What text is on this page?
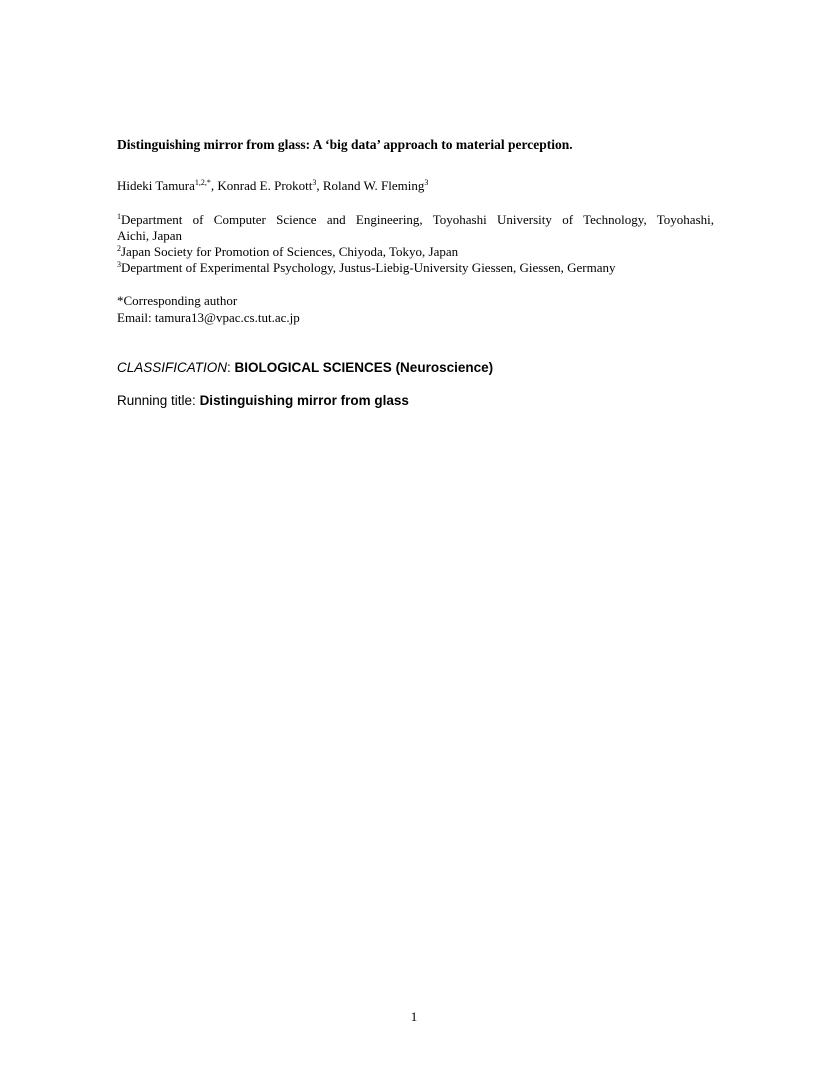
Distinguishing mirror from glass: A ‘big data’ approach to material perception.
Hideki Tamura$^{1,2,*}$, Konrad E. Prokott$^3$, Roland W. Fleming$^3$
$^1$Department of Computer Science and Engineering, Toyohashi University of Technology, Toyohashi,
Aichi, Japan
$^2$Japan Society for Promotion of Sciences, Chiyoda, Tokyo, Japan
$^3$Department of Experimental Psychology, Justus-Liebig-University Giessen, Giessen, Germany
*Corresponding author
Email: tamura13@vpac.cs.tut.ac.jp
CLASSIFICATION: BIOLOGICAL SCIENCES (Neuroscience)
Running title: Distinguishing mirror from glass
1
